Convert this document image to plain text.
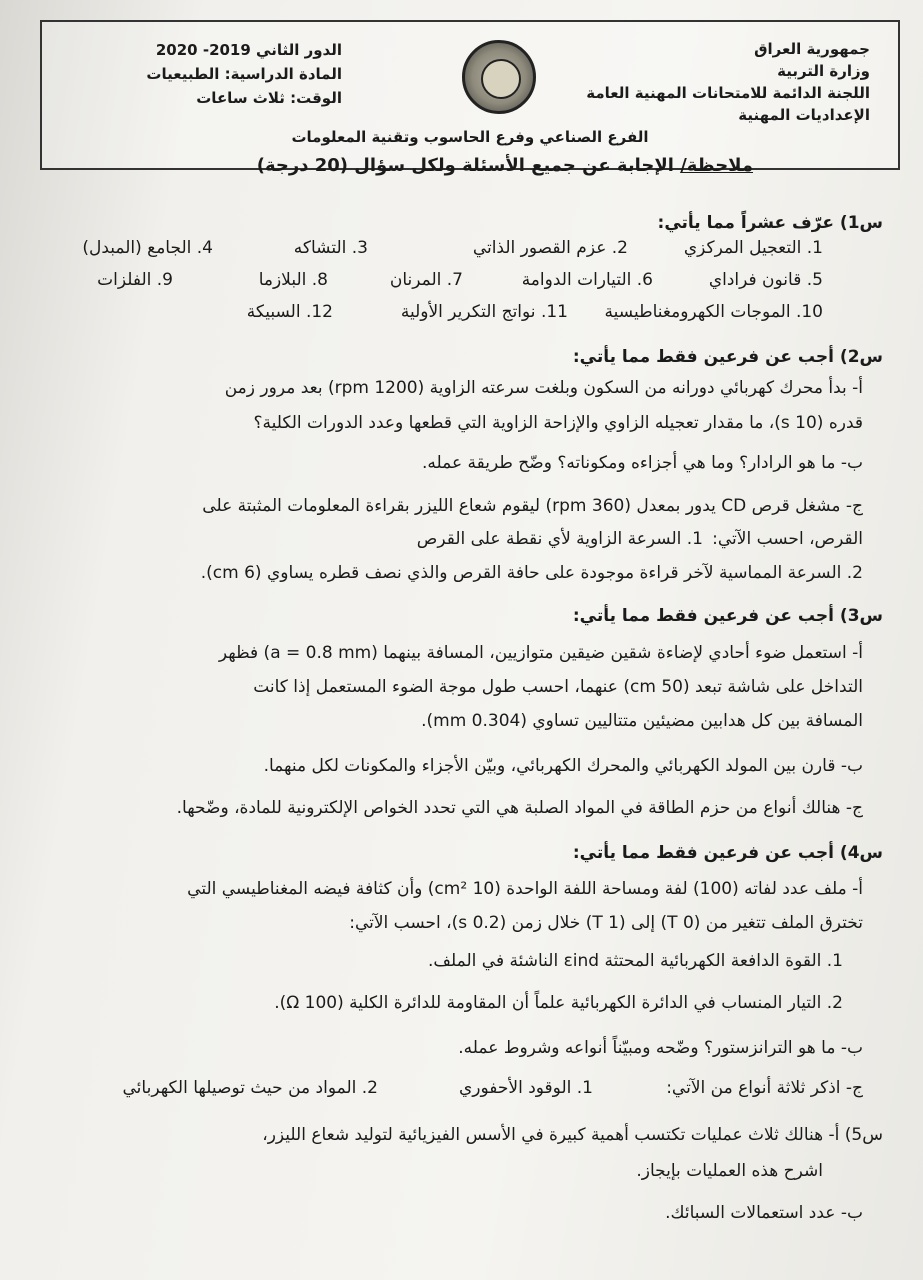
جمهورية العراق
وزارة التربية
اللجنة الدائمة للامتحانات المهنية العامة
الإعداديات المهنية
الدور الثاني 2019- 2020
المادة الدراسية: الطبيعيات
الوقت: ثلاث ساعات
الفرع الصناعي وفرع الحاسوب وتقنية المعلومات
ملاحظة/ الإجابة عن جميع الأسئلة ولكل سؤال (20 درجة)
س1) عرّف عشراً مما يأتي:
1. التعجيل المركزي
2. عزم القصور الذاتي
3. التشاكه
4. الجامع (المبدل)
5. قانون فراداي
6. التيارات الدوامة
7. المرنان
8. البلازما
9. الفلزات
10. الموجات الكهرومغناطيسية
11. نواتج التكرير الأولية
12. السبيكة
س2) أجب عن فرعين فقط مما يأتي:
أ- بدأ محرك كهربائي دورانه من السكون وبلغت سرعته الزاوية (1200 rpm) بعد مرور زمن
قدره (10 s)، ما مقدار تعجيله الزاوي والإزاحة الزاوية التي قطعها وعدد الدورات الكلية؟
ب- ما هو الرادار؟ وما هي أجزاءه ومكوناته؟ وضّح طريقة عمله.
ج- مشغل قرص CD يدور بمعدل (360 rpm) ليقوم شعاع الليزر بقراءة المعلومات المثبتة على
القرص، احسب الآتي:
1. السرعة الزاوية لأي نقطة على القرص
2. السرعة المماسية لآخر قراءة موجودة على حافة القرص والذي نصف قطره يساوي (6 cm).
س3) أجب عن فرعين فقط مما يأتي:
أ- استعمل ضوء أحادي لإضاءة شقين ضيقين متوازيين، المسافة بينهما (a = 0.8 mm) فظهر
التداخل على شاشة تبعد (50 cm) عنهما، احسب طول موجة الضوء المستعمل إذا كانت
المسافة بين كل هدابين مضيئين متتاليين تساوي (0.304 mm).
ب- قارن بين المولد الكهربائي والمحرك الكهربائي، وبيّن الأجزاء والمكونات لكل منهما.
ج- هنالك أنواع من حزم الطاقة في المواد الصلبة هي التي تحدد الخواص الإلكترونية للمادة، وضّحها.
س4) أجب عن فرعين فقط مما يأتي:
أ- ملف عدد لفاته (100) لفة ومساحة اللفة الواحدة (10 cm²) وأن كثافة فيضه المغناطيسي التي
تخترق الملف تتغير من (0 T) إلى (1 T) خلال زمن (0.2 s)، احسب الآتي:
1. القوة الدافعة الكهربائية المحتثة εind الناشئة في الملف.
2. التيار المنساب في الدائرة الكهربائية علماً أن المقاومة للدائرة الكلية (100 Ω).
ب- ما هو الترانزستور؟ وضّحه ومبيّناً أنواعه وشروط عمله.
ج- اذكر ثلاثة أنواع من الآتي:
1. الوقود الأحفوري
2. المواد من حيث توصيلها الكهربائي
س5) أ- هنالك ثلاث عمليات تكتسب أهمية كبيرة في الأسس الفيزيائية لتوليد شعاع الليزر،
اشرح هذه العمليات بإيجاز.
ب- عدد استعمالات السبائك.
